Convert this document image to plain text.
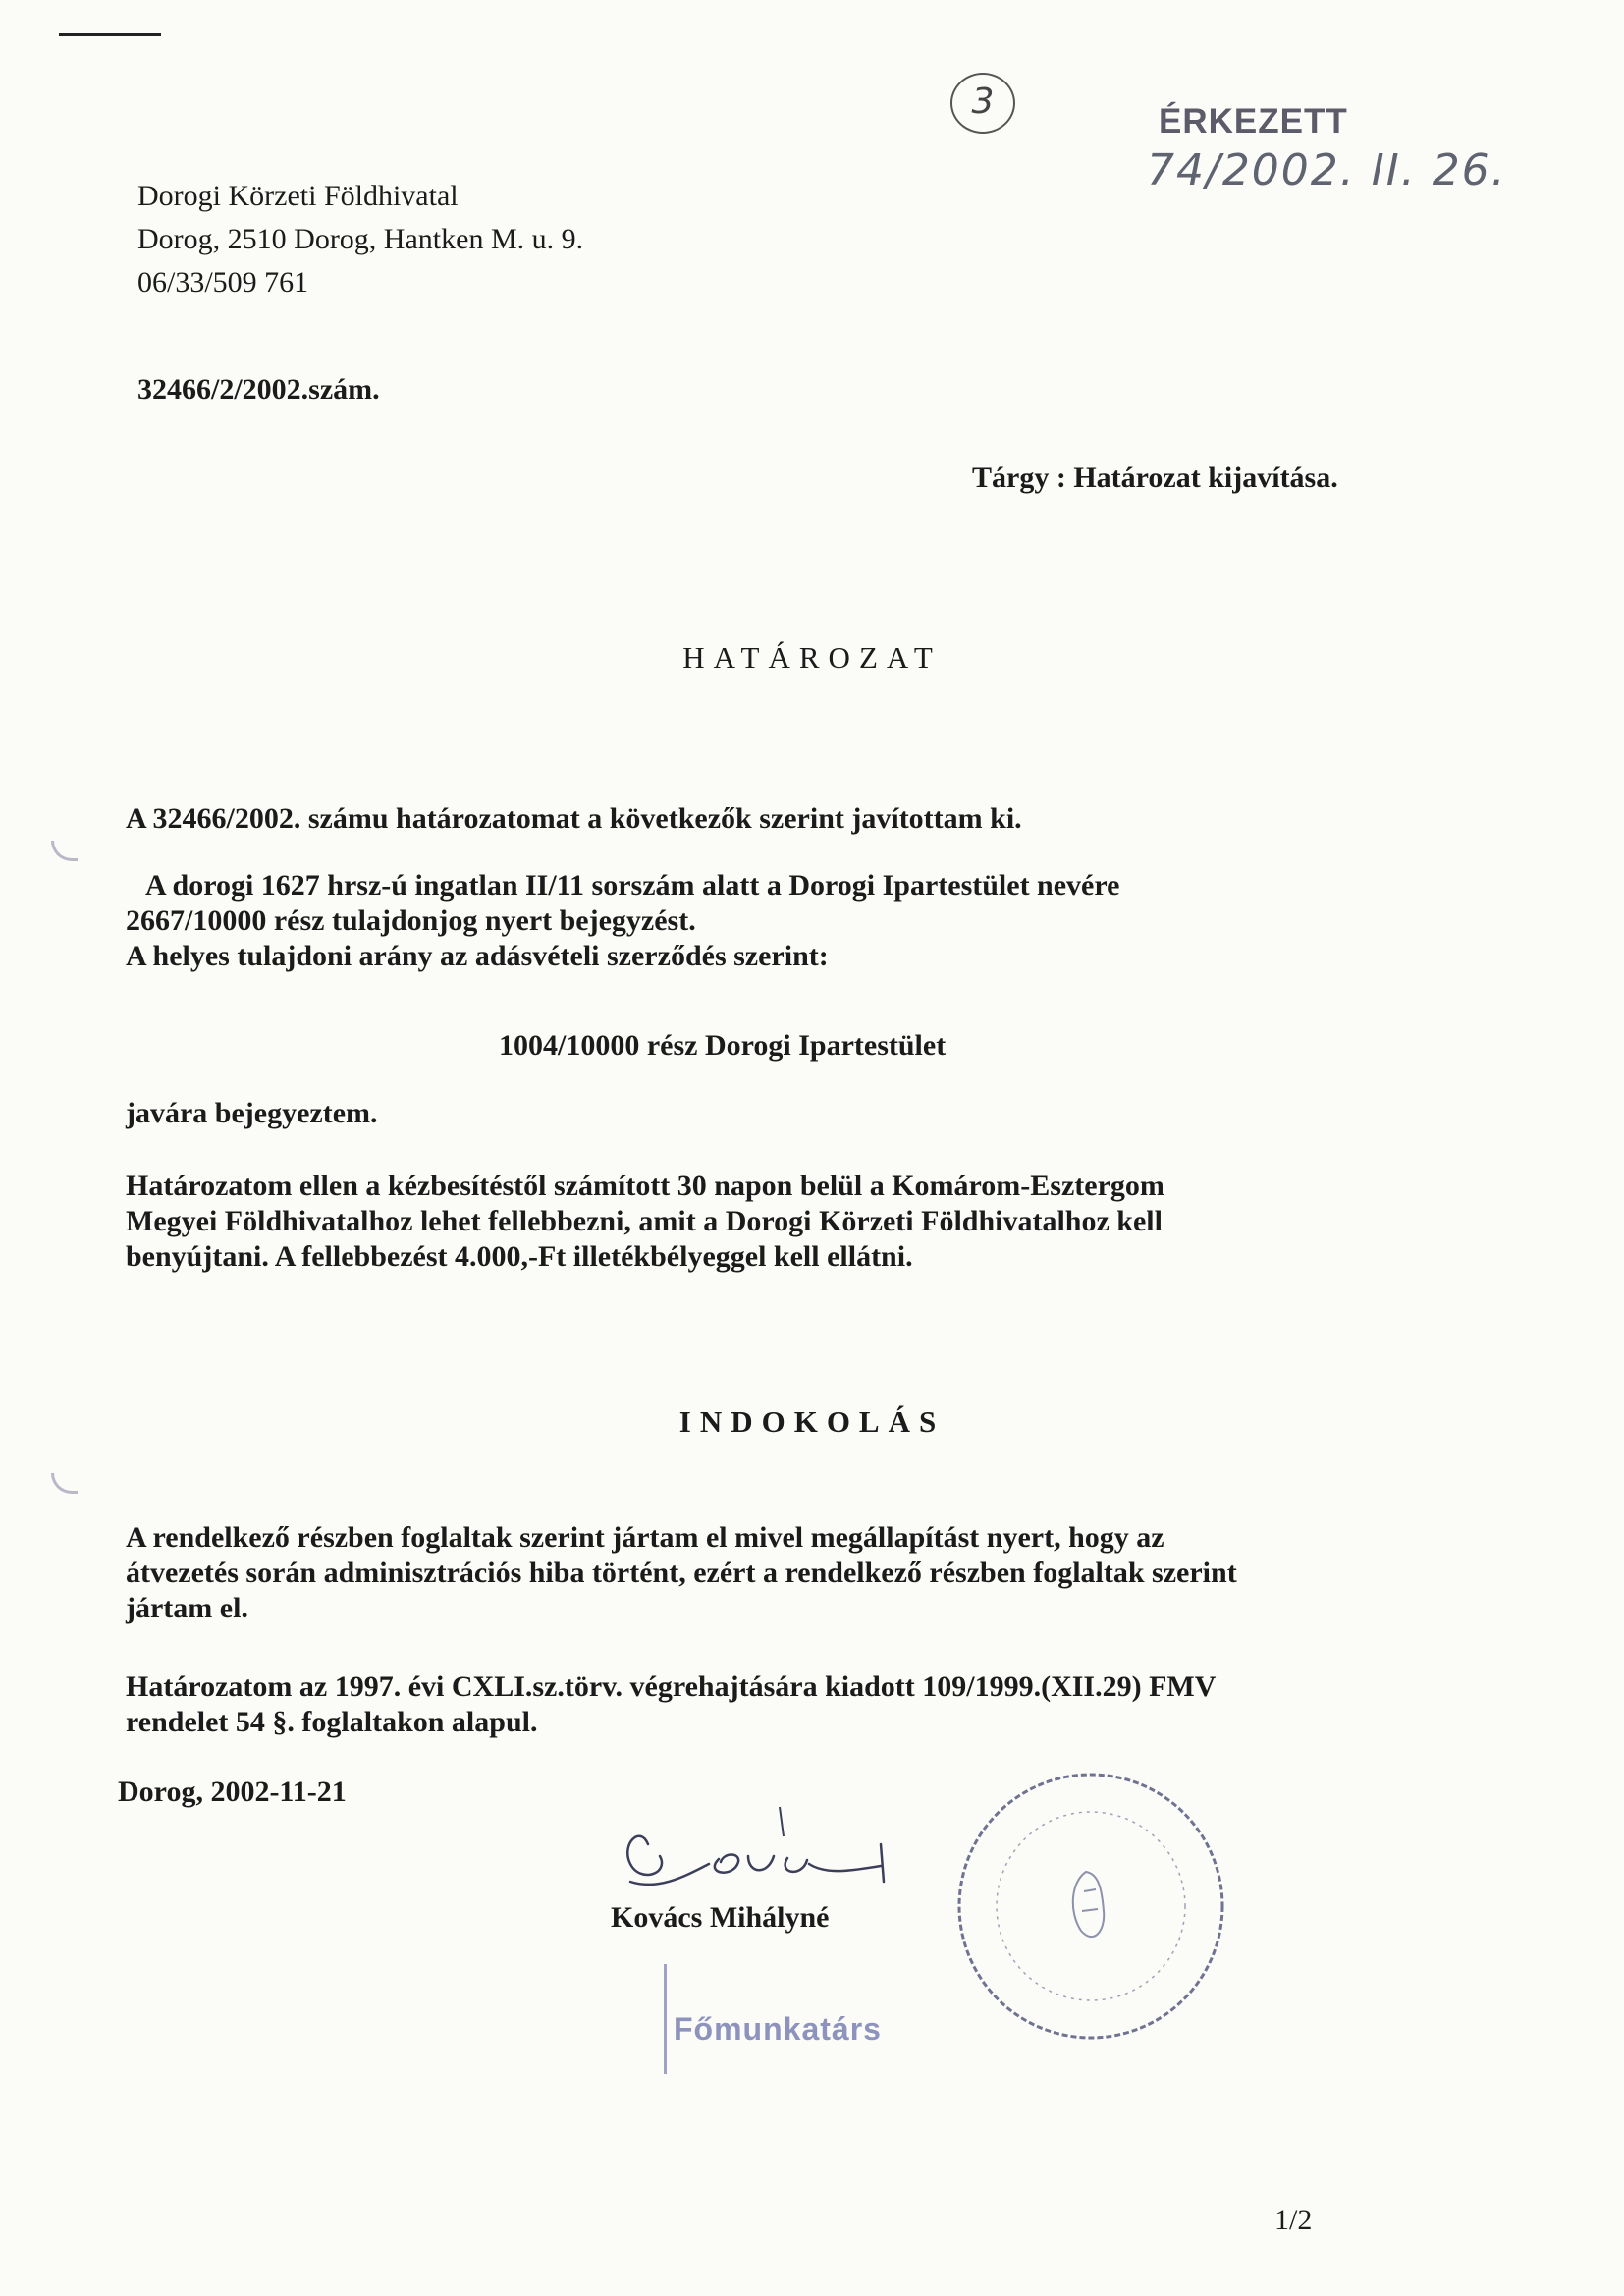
3	ÉRKEZETT
74/2002. II. 26.
Dorogi Körzeti Földhivatal
Dorog, 2510 Dorog, Hantken M. u. 9.
06/33/509 761
32466/2/2002.szám.
Tárgy : Határozat kijavítása.
HATÁROZAT
A 32466/2002. számu határozatomat a következők szerint javítottam ki.
A dorogi 1627 hrsz-ú ingatlan II/11 sorszám alatt a Dorogi Ipartestület nevére
2667/10000 rész tulajdonjog nyert bejegyzést.
A helyes tulajdoni arány az adásvételi szerződés szerint:
1004/10000 rész Dorogi Ipartestület
javára bejegyeztem.
Határozatom ellen a kézbesítéstől számított 30 napon belül a Komárom-Esztergom
Megyei Földhivatalhoz lehet fellebbezni, amit a Dorogi Körzeti Földhivatalhoz kell
benyújtani. A fellebbezést 4.000,-Ft illetékbélyeggel kell ellátni.
INDOKOLÁS
A rendelkező részben foglaltak szerint jártam el mivel megállapítást nyert, hogy az
átvezetés során adminisztrációs hiba történt, ezért a rendelkező részben foglaltak szerint
jártam el.
Határozatom az 1997. évi CXLI.sz.törv. végrehajtására kiadott 109/1999.(XII.29) FMV
rendelet 54 §. foglaltakon alapul.
Dorog, 2002-11-21
Kovács Mihályné
Főmunkatárs
1/2
